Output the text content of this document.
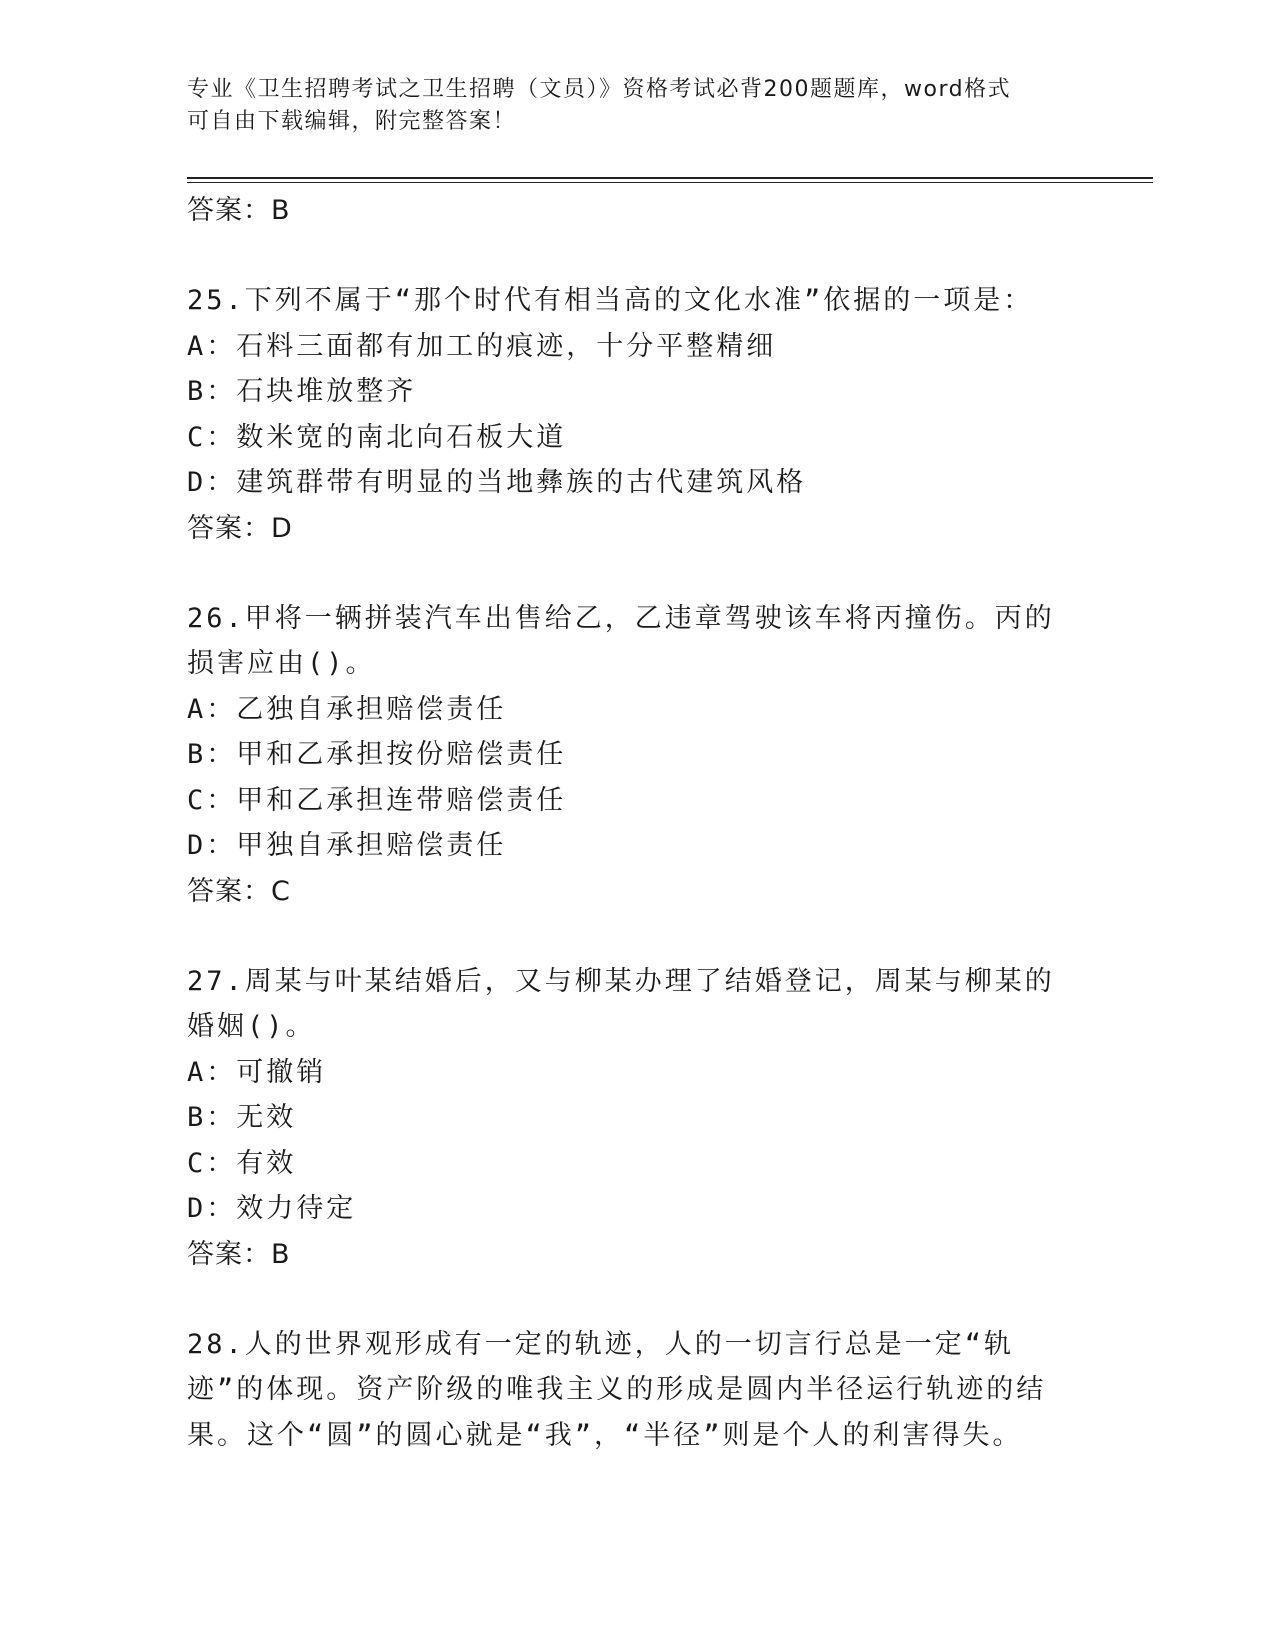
专业《卫生招聘考试之卫生招聘（文员）》资格考试必背200题题库，word格式
可自由下载编辑，附完整答案！
答案：B
25.下列不属于“那个时代有相当高的文化水准”依据的一项是：
A：石料三面都有加工的痕迹，十分平整精细
B：石块堆放整齐
C：数米宽的南北向石板大道
D：建筑群带有明显的当地彝族的古代建筑风格
答案：D
26.甲将一辆拼装汽车出售给乙，乙违章驾驶该车将丙撞伤。丙的损害应由()。
A：乙独自承担赔偿责任
B：甲和乙承担按份赔偿责任
C：甲和乙承担连带赔偿责任
D：甲独自承担赔偿责任
答案：C
27.周某与叶某结婚后，又与柳某办理了结婚登记，周某与柳某的婚姻()。
A：可撤销
B：无效
C：有效
D：效力待定
答案：B
28.人的世界观形成有一定的轨迹，人的一切言行总是一定“轨迹”的体现。资产阶级的唯我主义的形成是圆内半径运行轨迹的结果。这个“圆”的圆心就是“我”，“半径”则是个人的利害得失。
